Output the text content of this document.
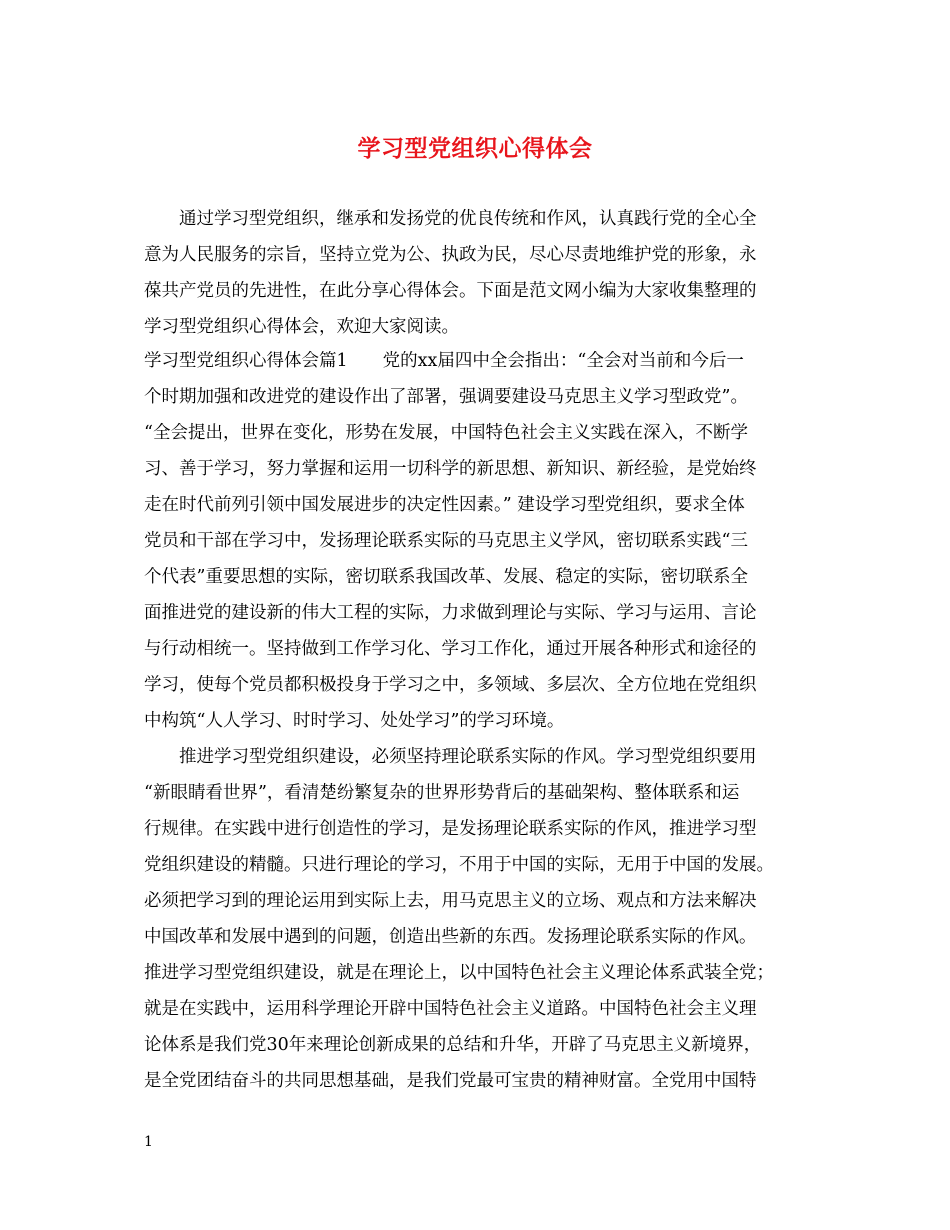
学习型党组织心得体会
　　通过学习型党组织，继承和发扬党的优良传统和作风，认真践行党的全心全
意为人民服务的宗旨，坚持立党为公、执政为民，尽心尽责地维护党的形象，永
葆共产党员的先进性，在此分享心得体会。下面是范文网小编为大家收集整理的
学习型党组织心得体会，欢迎大家阅读。
学习型党组织心得体会篇1　　党的xx届四中全会指出：“全会对当前和今后一
个时期加强和改进党的建设作出了部署，强调要建设马克思主义学习型政党”。
“全会提出，世界在变化，形势在发展，中国特色社会主义实践在深入，不断学
习、善于学习，努力掌握和运用一切科学的新思想、新知识、新经验，是党始终
走在时代前列引领中国发展进步的决定性因素。” 建设学习型党组织，要求全体
党员和干部在学习中，发扬理论联系实际的马克思主义学风，密切联系实践“三
个代表”重要思想的实际，密切联系我国改革、发展、稳定的实际，密切联系全
面推进党的建设新的伟大工程的实际，力求做到理论与实际、学习与运用、言论
与行动相统一。坚持做到工作学习化、学习工作化，通过开展各种形式和途径的
学习，使每个党员都积极投身于学习之中，多领域、多层次、全方位地在党组织
中构筑“人人学习、时时学习、处处学习”的学习环境。
　　推进学习型党组织建设，必须坚持理论联系实际的作风。学习型党组织要用
“新眼睛看世界”，看清楚纷繁复杂的世界形势背后的基础架构、整体联系和运
行规律。在实践中进行创造性的学习，是发扬理论联系实际的作风，推进学习型
党组织建设的精髓。只进行理论的学习，不用于中国的实际，无用于中国的发展。
必须把学习到的理论运用到实际上去，用马克思主义的立场、观点和方法来解决
中国改革和发展中遇到的问题，创造出些新的东西。发扬理论联系实际的作风。
推进学习型党组织建设，就是在理论上，以中国特色社会主义理论体系武装全党；
就是在实践中，运用科学理论开辟中国特色社会主义道路。中国特色社会主义理
论体系是我们党30年来理论创新成果的总结和升华，开辟了马克思主义新境界，
是全党团结奋斗的共同思想基础，是我们党最可宝贵的精神财富。全党用中国特
1
